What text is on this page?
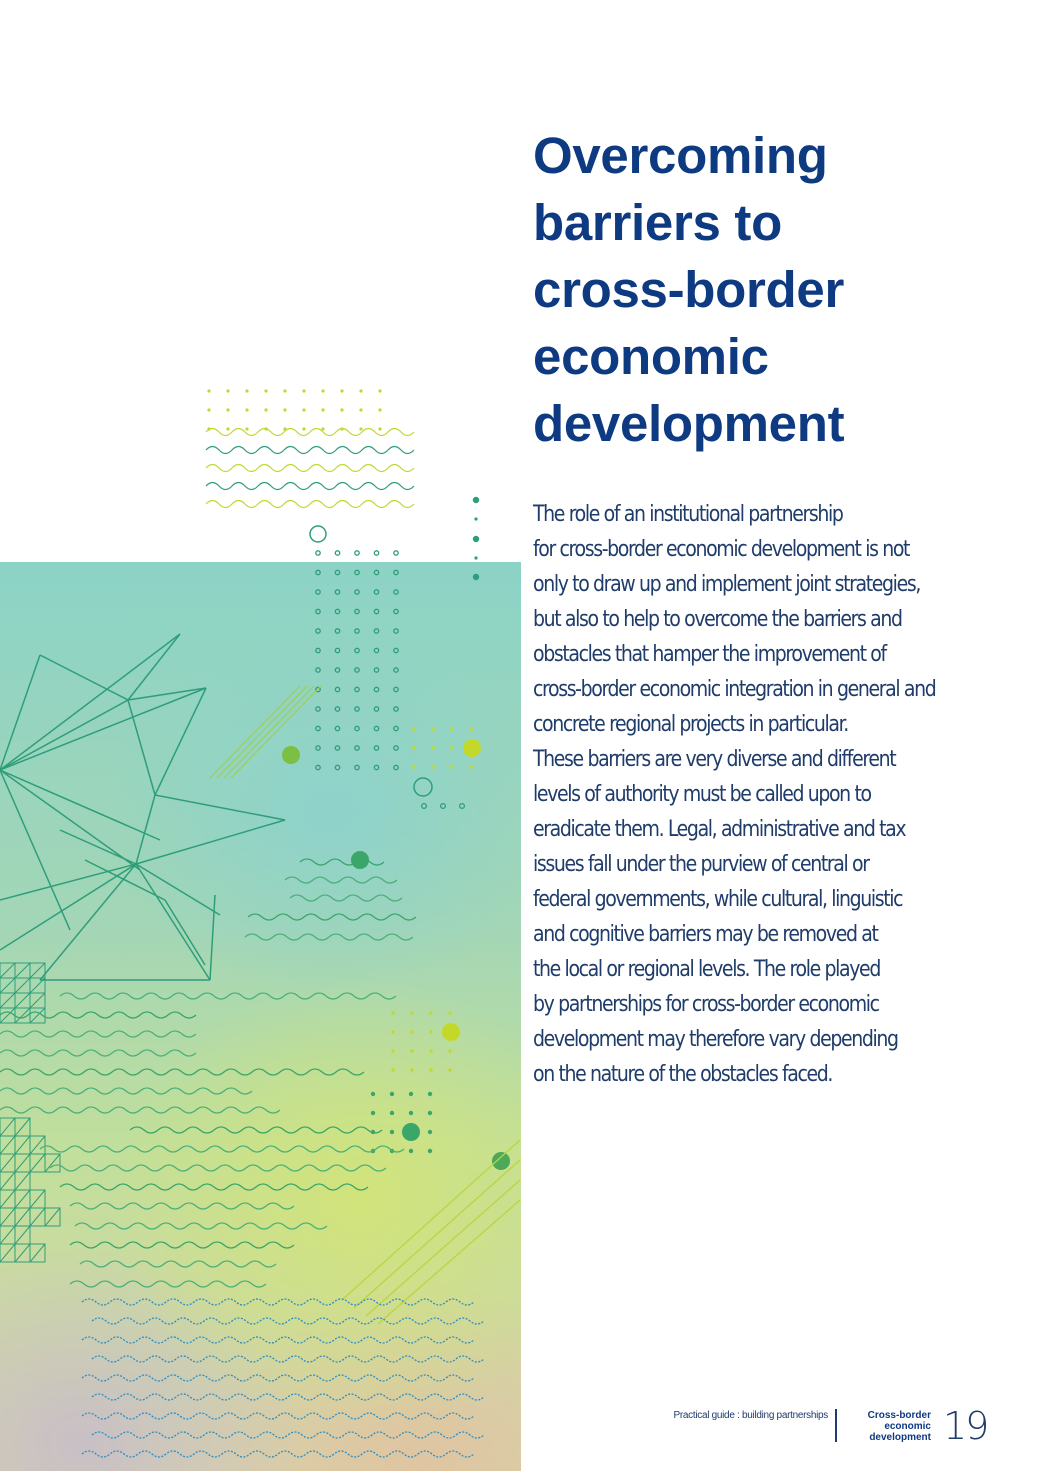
Overcoming
barriers to
cross-border
economic
development
The role of an institutional partnership
for cross-border economic development is not
only to draw up and implement joint strategies,
but also to help to overcome the barriers and
obstacles that hamper the improvement of
cross-border economic integration in general and
concrete regional projects in particular.
These barriers are very diverse and different
levels of authority must be called upon to
eradicate them. Legal, administrative and tax
issues fall under the purview of central or
federal governments, while cultural, linguistic
and cognitive barriers may be removed at
the local or regional levels. The role played
by partnerships for cross-border economic
development may therefore vary depending
on the nature of the obstacles faced.
Practical guide : building partnerships	Cross-border
economic
development 19
